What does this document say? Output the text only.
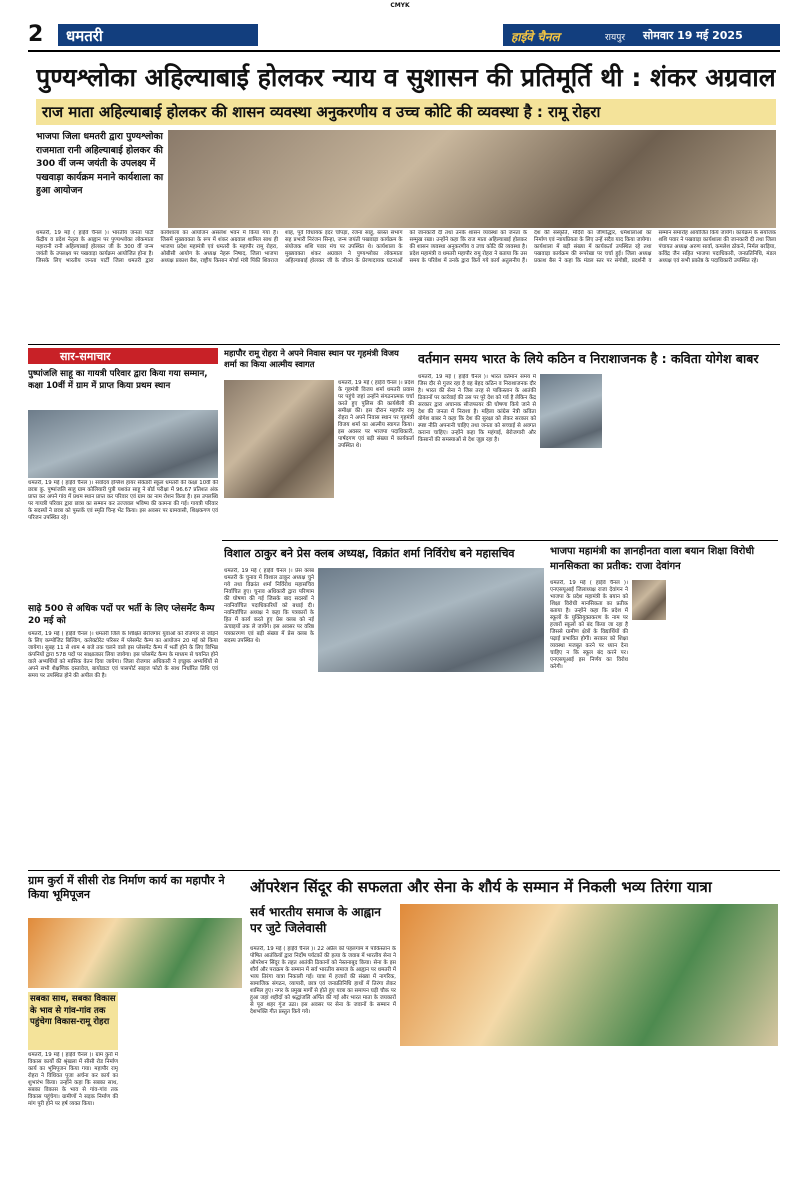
CMYK
2	धमतरी	हाईवे चैनल	रायपुर सोमवार 19 मई 2025
पुण्यश्लोका अहिल्याबाई होलकर न्याय व सुशासन की प्रतिमूर्ति थी : शंकर अग्रवाल
राज माता अहिल्याबाई होलकर की शासन व्यवस्था अनुकरणीय व उच्च कोटि की व्यवस्था है : रामू रोहरा
भाजपा जिला धमतरी द्वारा पुण्यश्लोका राजमाता रानी अहिल्याबाई होलकर की 300 वीं जन्म जयंती के उपलक्ष्य में पखवाड़ा कार्यक्रम मनाने कार्यशाला का हुआ आयोजन
धमतरी, 19 मई ( हाईवे चैनल )। भारतीय जनता पार्टी केंद्रीय व प्रदेश नेतृत्व के आह्वान पर पुण्यश्लोका लोकमाता महारानी रानी अहिल्याबाई होलकर जी के 300 वीं जन्म जयंती के उपलक्ष्य पर पखवाड़ा कार्यक्रम आयोजित होना है। जिसके लिए भारतीय जनता पार्टी जिला धमतरी द्वारा कार्यशाला का आयोजन असलेश भवन में किया गया है। जिसमें मुख्यवक्ता के रूप में शंकर अग्रवाल शामिल साथ ही भाजपा प्रदेश महामंत्री एवं धमतरी के महापौर रामू रोहरा, ओबीसी आयोग के अध्यक्ष नेहरू निषाद, जिला भाजपा अध्यक्ष प्रकाश बैस, राष्ट्रीय किसान मोर्चा मंत्री पिंकी शिवराज शाह, पूर्व विधायक इंदर चोपड़ा, रंजना साहू, ब्लस्त संभाग सह प्रभारी निरंजन सिन्हा, जन्म जयंती पखवाड़ा कार्यक्रम के संयोजक शशि पवार मंच पर उपस्थित थे। कार्यशाला के मुख्यवक्ता शंकर अग्रवाल ने पुण्यश्लोका लोकमाता अहिल्याबाई होलकर जी के जीवन के प्रेरणादायक घटनाओं को जानकारी दी तथा उनके शासन व्यवस्था को जनता के सम्मुख रखा। उन्होंने कहा कि राज माता अहिल्याबाई होलकर की शासन व्यवस्था अनुकरणीय व उच्च कोटि की व्यवस्था है। प्रदेश महामंत्री व धमतरी महापौर रामू रोहरा ने बताया कि उस समय के परिवेश में उनके द्वारा किये गये कार्य अतुलनीय हैं। देश की संस्कृति, मंदिरों का जीर्णोद्धार, धर्मशालाओं का निर्माण एवं न्यायप्रियता के लिए उन्हें सदैव याद किया जायेगा। कार्यशाला में बड़ी संख्या में कार्यकर्ता उपस्थित रहे तथा पखवाड़ा कार्यक्रम की रूपरेखा पर चर्चा हुई। जिला अध्यक्ष प्रकाश बैस ने कहा कि मंडल स्तर पर संगोष्ठी, प्रदर्शनी व सम्मान समारोह आयोजित किये जायेंगे। कार्यक्रम के संयोजक शशि पवार ने पखवाड़ा कार्यशाला की जानकारी दी तथा जिला पंचायत अध्यक्ष अरुण सार्वा, कमलेश ठोकने, निर्मल बरड़िया, कविंद्र जैन सहित भाजपा पदाधिकारी, जनप्रतिनिधि, मंडल अध्यक्ष एवं सभी प्रकोष्ठ के पदाधिकारी उपस्थित रहे।
सार-समाचार
पुष्पांजलि साहू का गायत्री परिवार द्वारा किया गया सम्मान, कक्षा 10वीं में ग्राम में प्राप्त किया प्रथम स्थान
धमतरी, 19 मई ( हाईवे चैनल )। सर्वोदय इंग्लिश हायर सेकेंडरी स्कूल धमतरी की कक्षा 10वीं की छात्रा कु. पुष्पांजलि साहू ग्राम कोलियारी पुत्री यशवंत साहू ने बोर्ड परीक्षा में 96.67 प्रतिशत अंक प्राप्त कर अपने गांव में प्रथम स्थान प्राप्त कर परिवार एवं ग्राम का नाम रोशन किया है। इस उपलब्धि पर गायत्री परिवार द्वारा छात्रा का सम्मान कर उज्जवल भविष्य की कामना की गई। गायत्री परिवार के सदस्यों ने छात्रा को पुस्तकें एवं स्मृति चिन्ह भेंट किया। इस अवसर पर ग्रामवासी, शिक्षकगण एवं परिजन उपस्थित रहे।
साढ़े 500 से अधिक पदों पर भर्ती के लिए प्लेसमेंट कैम्प 20 मई को
धमतरी, 19 मई ( हाईवे चैनल )। धमतरी जिले के शिक्षित बेरोजगार युवाओं को रोजगार से जोड़ने के लिए कम्पोजिट बिल्डिंग, कलेक्टोरेट परिसर में प्लेसमेंट कैम्प का आयोजन 20 मई को किया जायेगा। सुबह 11 से शाम 4 बजे तक चलने वाले इस प्लेसमेंट कैम्प में भर्ती होने के लिए विभिन्न कंपनियों द्वारा 578 पदों पर साक्षात्कार लिया जायेगा। इस प्लेसमेंट कैम्प के माध्यम से चयनित होने वाले अभ्यर्थियों को मासिक वेतन दिया जायेगा। जिला रोजगार अधिकारी ने इच्छुक अभ्यर्थियों से अपने सभी शैक्षणिक दस्तावेज, बायोडाटा एवं पासपोर्ट साइज फोटो के साथ निर्धारित तिथि एवं समय पर उपस्थित होने की अपील की है।
महापौर रामू रोहरा ने अपने निवास स्थान पर गृहमंत्री विजय शर्मा का किया आत्मीय स्वागत
धमतरी, 19 मई ( हाईवे चैनल )। प्रदेश के गृहमंत्री विजय शर्मा धमतरी प्रवास पर पहुंचे जहां उन्होंने संगठनात्मक चर्चा करते हुए पुलिस की कार्यशैली की समीक्षा की। इस दौरान महापौर रामू रोहरा ने अपने निवास स्थान पर गृहमंत्री विजय शर्मा का आत्मीय स्वागत किया। इस अवसर पर भाजपा पदाधिकारी, पार्षदगण एवं बड़ी संख्या में कार्यकर्ता उपस्थित थे।
वर्तमान समय भारत के लिये कठिन व निराशाजनक है : कविता योगेश बाबर
धमतरी, 19 मई ( हाईवे चैनल )। भारत वर्तमान समय में जिस दौर से गुजर रहा है वह बेहद कठिन व निराशाजनक दौर है। भारत की सेना ने जिस तरह से पाकिस्तान के आतंकी ठिकानों पर कार्रवाई की उस पर पूरे देश को गर्व है लेकिन केंद्र सरकार द्वारा अचानक सीजफायर की घोषणा किये जाने से देश की जनता में निराशा है। महिला कांग्रेस नेत्री कविता योगेश बाबर ने कहा कि देश की सुरक्षा को लेकर सरकार को स्पष्ट नीति अपनानी चाहिए तथा जनता को सच्चाई से अवगत कराना चाहिए। उन्होंने कहा कि महंगाई, बेरोजगारी और किसानों की समस्याओं से देश जूझ रहा है।
विशाल ठाकुर बने प्रेस क्लब अध्यक्ष, विक्रांत शर्मा निर्विरोध बने महासचिव
धमतरी, 19 मई ( हाईवे चैनल )। प्रेस क्लब धमतरी के चुनाव में विशाल ठाकुर अध्यक्ष चुने गये तथा विक्रांत शर्मा निर्विरोध महासचिव निर्वाचित हुए। चुनाव अधिकारी द्वारा परिणाम की घोषणा की गई जिसके बाद सदस्यों ने नवनिर्वाचित पदाधिकारियों को बधाई दी। नवनिर्वाचित अध्यक्ष ने कहा कि पत्रकारों के हित में कार्य करते हुए प्रेस क्लब को नई ऊंचाइयों तक ले जायेंगे। इस अवसर पर वरिष्ठ पत्रकारगण एवं बड़ी संख्या में प्रेस क्लब के सदस्य उपस्थित थे।
भाजपा महामंत्री का ज्ञानहीनता वाला बयान शिक्षा विरोधी मानसिकता का प्रतीक: राजा देवांगन
धमतरी, 19 मई ( हाईवे चैनल )। एनएसयूआई जिलाध्यक्ष राजा देवांगन ने भाजपा के प्रदेश महामंत्री के बयान को शिक्षा विरोधी मानसिकता का प्रतीक बताया है। उन्होंने कहा कि प्रदेश में स्कूलों के युक्तियुक्तकरण के नाम पर हजारों स्कूलों को बंद किया जा रहा है जिससे ग्रामीण क्षेत्रों के विद्यार्थियों की पढ़ाई प्रभावित होगी। सरकार को शिक्षा व्यवस्था मजबूत करने पर ध्यान देना चाहिए न कि स्कूल बंद करने पर। एनएसयूआई इस निर्णय का विरोध करेगी।
ग्राम कुर्रा में सीसी रोड निर्माण कार्य का महापौर ने किया भूमिपूजन
सबका साथ, सबका विकास के भाव से गांव-गांव तक पहुंचेगा विकास-रामू रोहरा
धमतरी, 19 मई ( हाईवे चैनल )। ग्राम कुर्रा में विकास कार्यों की श्रृंखला में सीसी रोड निर्माण कार्य का भूमिपूजन किया गया। महापौर रामू रोहरा ने विधिवत पूजा अर्चना कर कार्य का शुभारंभ किया। उन्होंने कहा कि सबका साथ, सबका विकास के भाव से गांव-गांव तक विकास पहुंचेगा। ग्रामीणों ने सड़क निर्माण की मांग पूरी होने पर हर्ष व्यक्त किया।
ऑपरेशन सिंदूर की सफलता और सेना के शौर्य के सम्मान में निकली भव्य तिरंगा यात्रा
सर्व भारतीय समाज के आह्वान पर जुटे जिलेवासी
धमतरी, 19 मई ( हाईवे चैनल )। 22 अप्रैल को पहलगाम में पाकिस्तान के पोषित आतंकियों द्वारा निर्दोष पर्यटकों की हत्या के जवाब में भारतीय सेना ने ऑपरेशन सिंदूर के तहत आतंकी ठिकानों को नेस्तनाबूद किया। सेना के इस शौर्य और पराक्रम के सम्मान में सर्व भारतीय समाज के आह्वान पर धमतरी में भव्य तिरंगा यात्रा निकाली गई। यात्रा में हजारों की संख्या में नागरिक, सामाजिक संगठन, व्यापारी, छात्र एवं जनप्रतिनिधि हाथों में तिरंगा लेकर शामिल हुए। नगर के प्रमुख मार्गों से होते हुए यात्रा का समापन घड़ी चौक पर हुआ जहां शहीदों को श्रद्धांजलि अर्पित की गई और भारत माता के जयकारों से पूरा शहर गूंज उठा। इस अवसर पर सेना के जवानों के सम्मान में देशभक्ति गीत प्रस्तुत किये गये।
